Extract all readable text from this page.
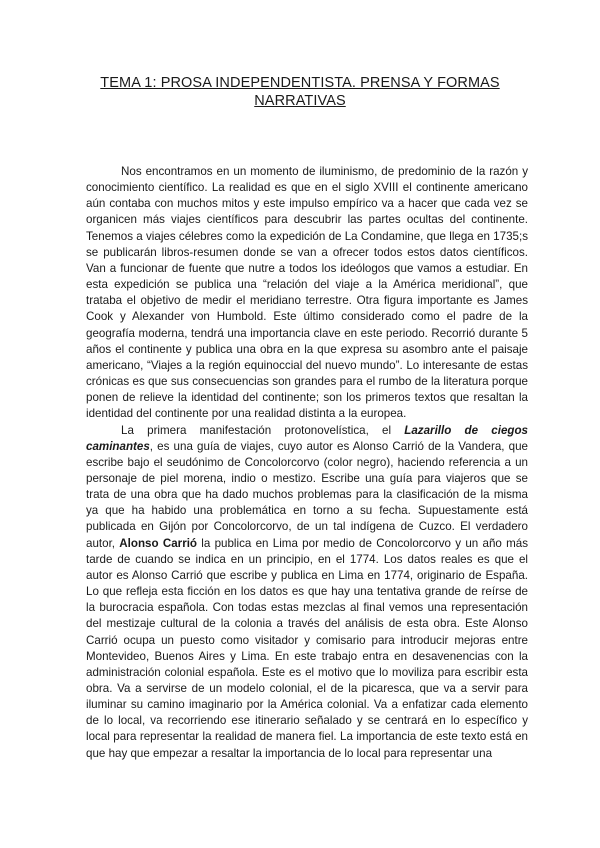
TEMA 1: PROSA INDEPENDENTISTA. PRENSA Y FORMAS NARRATIVAS

Nos encontramos en un momento de iluminismo, de predominio de la razón y conocimiento científico. La realidad es que en el siglo XVIII el continente americano aún contaba con muchos mitos y este impulso empírico va a hacer que cada vez se organicen más viajes científicos para descubrir las partes ocultas del continente. Tenemos a viajes célebres como la expedición de La Condamine, que llega en 1735;s se publicarán libros-resumen donde se van a ofrecer todos estos datos científicos. Van a funcionar de fuente que nutre a todos los ideólogos que vamos a estudiar. En esta expedición se publica una “relación del viaje a la América meridional”, que trataba el objetivo de medir el meridiano terrestre. Otra figura importante es James Cook y Alexander von Humbold. Este último considerado como el padre de la geografía moderna, tendrá una importancia clave en este periodo. Recorrió durante 5 años el continente y publica una obra en la que expresa su asombro ante el paisaje americano, “Viajes a la región equinoccial del nuevo mundo”. Lo interesante de estas crónicas es que sus consecuencias son grandes para el rumbo de la literatura porque ponen de relieve la identidad del continente; son los primeros textos que resaltan la identidad del continente por una realidad distinta a la europea.

La primera manifestación protonovelística, el Lazarillo de ciegos caminantes, es una guía de viajes, cuyo autor es Alonso Carrió de la Vandera, que escribe bajo el seudónimo de Concolorcorvo (color negro), haciendo referencia a un personaje de piel morena, indio o mestizo. Escribe una guía para viajeros que se trata de una obra que ha dado muchos problemas para la clasificación de la misma ya que ha habido una problemática en torno a su fecha. Supuestamente está publicada en Gijón por Concolorcorvo, de un tal indígena de Cuzco. El verdadero autor, Alonso Carrió la publica en Lima por medio de Concolorcorvo y un año más tarde de cuando se indica en un principio, en el 1774. Los datos reales es que el autor es Alonso Carrió que escribe y publica en Lima en 1774, originario de España. Lo que refleja esta ficción en los datos es que hay una tentativa grande de reírse de la burocracia española. Con todas estas mezclas al final vemos una representación del mestizaje cultural de la colonia a través del análisis de esta obra. Este Alonso Carrió ocupa un puesto como visitador y comisario para introducir mejoras entre Montevideo, Buenos Aires y Lima. En este trabajo entra en desavenencias con la administración colonial española. Este es el motivo que lo moviliza para escribir esta obra. Va a servirse de un modelo colonial, el de la picaresca, que va a servir para iluminar su camino imaginario por la América colonial. Va a enfatizar cada elemento de lo local, va recorriendo ese itinerario señalado y se centrará en lo específico y local para representar la realidad de manera fiel. La importancia de este texto está en que hay que empezar a resaltar la importancia de lo local para representar una
